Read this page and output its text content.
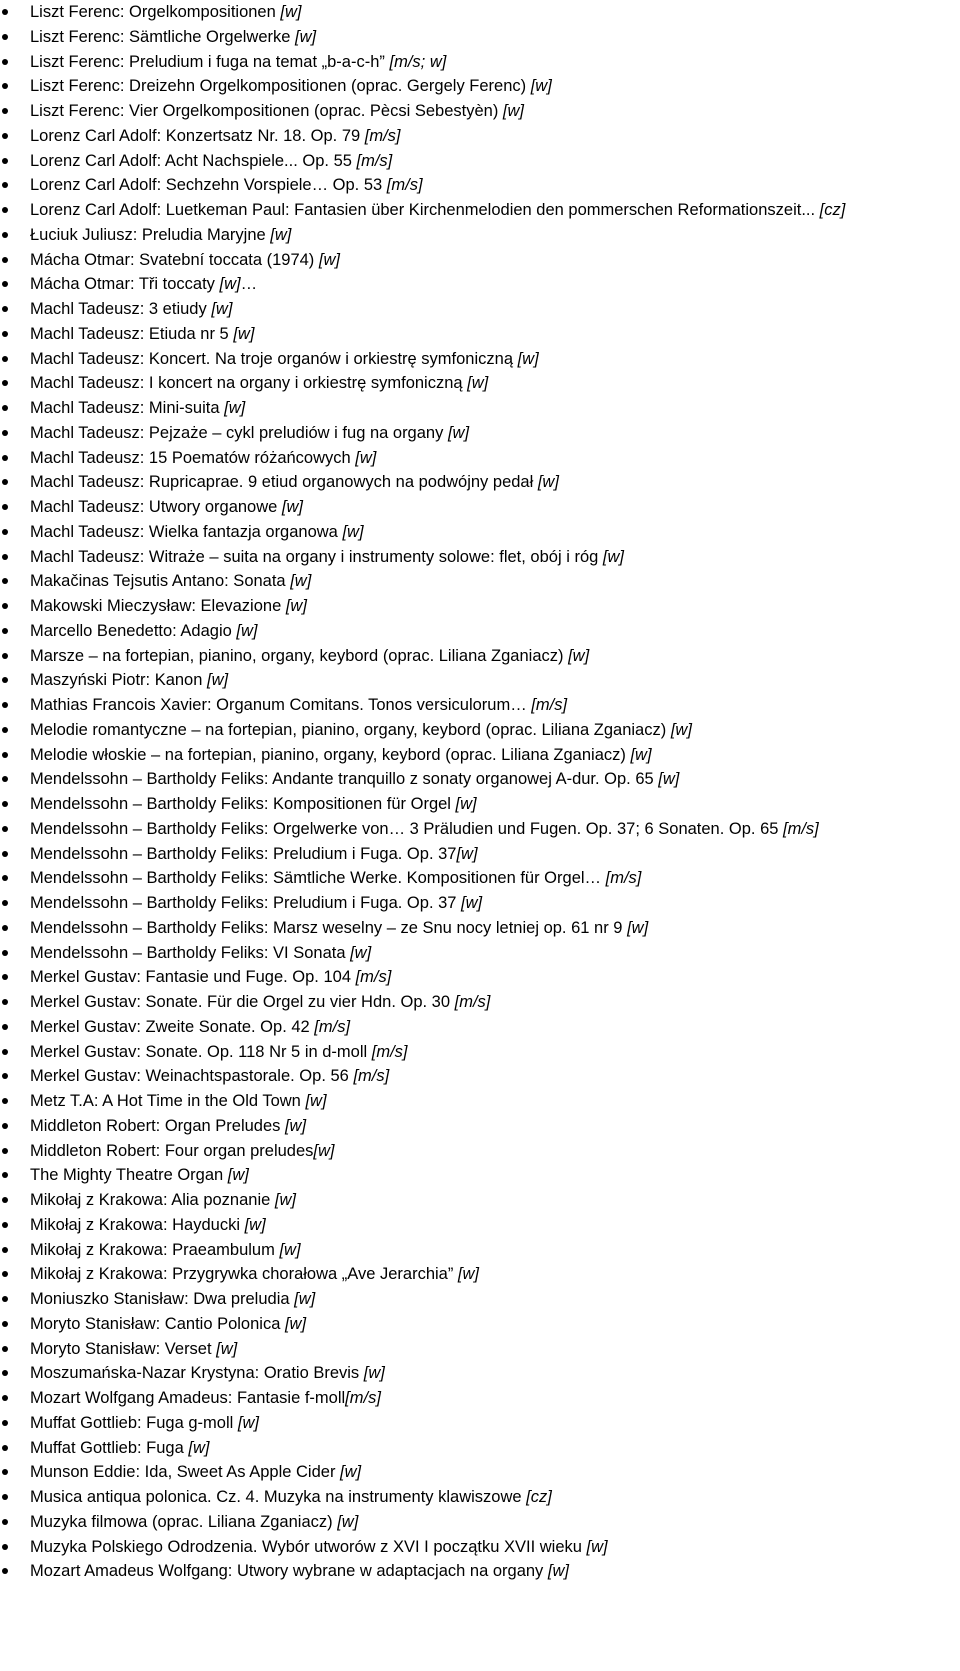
Liszt Ferenc: Orgelkompositionen [w]
Liszt Ferenc: Sämtliche Orgelwerke [w]
Liszt Ferenc: Preludium i fuga na temat „b-a-c-h” [m/s; w]
Liszt Ferenc: Dreizehn Orgelkompositionen (oprac. Gergely Ferenc) [w]
Liszt Ferenc: Vier Orgelkompositionen (oprac. Pècsi Sebestyèn) [w]
Lorenz Carl Adolf: Konzertsatz Nr. 18. Op. 79 [m/s]
Lorenz Carl Adolf: Acht Nachspiele... Op. 55 [m/s]
Lorenz Carl Adolf: Sechzehn Vorspiele… Op. 53 [m/s]
Lorenz Carl Adolf: Luetkeman Paul: Fantasien über Kirchenmelodien den pommerschen Reformationszeit... [cz]
Łuciuk Juliusz: Preludia Maryjne [w]
Mácha Otmar: Svatební toccata (1974) [w]
Mácha Otmar: Tři toccaty [w]…
Machl Tadeusz: 3 etiudy [w]
Machl Tadeusz: Etiuda nr 5 [w]
Machl Tadeusz: Koncert. Na troje organów i orkiestrę symfoniczną [w]
Machl Tadeusz: I koncert na organy i orkiestrę symfoniczną [w]
Machl Tadeusz: Mini-suita [w]
Machl Tadeusz: Pejzaże – cykl preludiów i fug na organy [w]
Machl Tadeusz: 15 Poematów różańcowych [w]
Machl Tadeusz: Rupricaprae. 9 etiud organowych na podwójny pedał [w]
Machl Tadeusz: Utwory organowe [w]
Machl Tadeusz: Wielka fantazja organowa [w]
Machl Tadeusz: Witraże – suita na organy i instrumenty solowe: flet, obój i róg [w]
Makačinas Tejsutis Antano: Sonata [w]
Makowski Mieczysław: Elevazione [w]
Marcello Benedetto: Adagio [w]
Marsze – na fortepian, pianino, organy, keybord (oprac. Liliana Zganiacz) [w]
Maszyński Piotr: Kanon [w]
Mathias Francois Xavier: Organum Comitans. Tonos versiculorum… [m/s]
Melodie romantyczne – na fortepian, pianino, organy, keybord (oprac. Liliana Zganiacz) [w]
Melodie włoskie – na fortepian, pianino, organy, keybord (oprac. Liliana Zganiacz) [w]
Mendelssohn – Bartholdy Feliks: Andante tranquillo z sonaty organowej A-dur. Op. 65 [w]
Mendelssohn – Bartholdy Feliks: Kompositionen für Orgel [w]
Mendelssohn – Bartholdy Feliks: Orgelwerke von… 3 Präludien und Fugen. Op. 37; 6 Sonaten. Op. 65 [m/s]
Mendelssohn – Bartholdy Feliks: Preludium i Fuga. Op. 37[w]
Mendelssohn – Bartholdy Feliks: Sämtliche Werke. Kompositionen für Orgel… [m/s]
Mendelssohn – Bartholdy Feliks: Preludium i Fuga. Op. 37 [w]
Mendelssohn – Bartholdy Feliks: Marsz weselny – ze Snu nocy letniej op. 61 nr 9 [w]
Mendelssohn – Bartholdy Feliks: VI Sonata [w]
Merkel Gustav: Fantasie und Fuge. Op. 104 [m/s]
Merkel Gustav: Sonate. Für die Orgel zu vier Hdn. Op. 30 [m/s]
Merkel Gustav: Zweite Sonate. Op. 42 [m/s]
Merkel Gustav: Sonate. Op. 118 Nr 5 in d-moll [m/s]
Merkel Gustav: Weinachtspastorale. Op. 56 [m/s]
Metz T.A: A Hot Time in the Old Town [w]
Middleton Robert: Organ Preludes [w]
Middleton Robert: Four organ preludes[w]
The Mighty Theatre Organ [w]
Mikołaj z Krakowa: Alia poznanie [w]
Mikołaj z Krakowa: Hayducki [w]
Mikołaj z Krakowa: Praeambulum [w]
Mikołaj z Krakowa: Przygrywka chorałowa „Ave Jerarchia” [w]
Moniuszko Stanisław: Dwa preludia [w]
Moryto Stanisław: Cantio Polonica [w]
Moryto Stanisław: Verset [w]
Moszumańska-Nazar Krystyna: Oratio Brevis [w]
Mozart Wolfgang Amadeus: Fantasie f-moll[m/s]
Muffat Gottlieb: Fuga g-moll [w]
Muffat Gottlieb: Fuga [w]
Munson Eddie: Ida, Sweet As Apple Cider [w]
Musica antiqua polonica. Cz. 4. Muzyka na instrumenty klawiszowe [cz]
Muzyka filmowa (oprac. Liliana Zganiacz) [w]
Muzyka Polskiego Odrodzenia. Wybór utworów z XVI I początku XVII wieku [w]
Mozart Amadeus Wolfgang: Utwory wybrane w adaptacjach na organy [w]
